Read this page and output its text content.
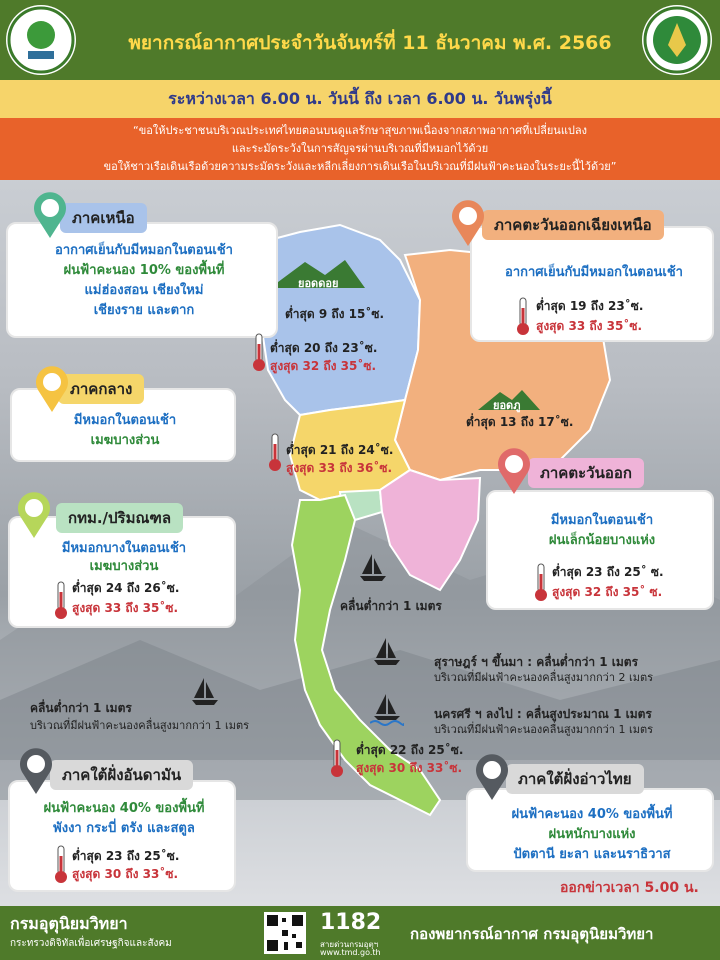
พยากรณ์อากาศประจำวันจันทร์ที่ 11 ธันวาคม พ.ศ. 2566
ระหว่างเวลา 6.00 น. วันนี้ ถึง เวลา 6.00 น. วันพรุ่งนี้
“ขอให้ประชาชนบริเวณประเทศไทยตอนบนดูแลรักษาสุขภาพเนื่องจากสภาพอากาศที่เปลี่ยนแปลง
และระมัดระวังในการสัญจรผ่านบริเวณที่มีหมอกไว้ด้วย
ขอให้ชาวเรือเดินเรือด้วยความระมัดระวังและหลีกเลี่ยงการเดินเรือในบริเวณที่มีฝนฟ้าคะนองในระยะนี้ไว้ด้วย”
ยอดดอย
ต่ำสุด 9 ถึง 15˚ซ.
ยอดภู
ต่ำสุด 13 ถึง 17˚ซ.
อากาศเย็นกับมีหมอกในตอนเช้า
ฝนฟ้าคะนอง 10% ของพื้นที่
แม่ฮ่องสอน เชียงใหม่
เชียงราย และตาก
ภาคเหนือ
ต่ำสุด 20 ถึง 23˚ซ.
สูงสุด 32 ถึง 35˚ซ.
อากาศเย็นกับมีหมอกในตอนเช้า
ต่ำสุด 19 ถึง 23˚ซ.
สูงสุด 33 ถึง 35˚ซ.
ภาคตะวันออกเฉียงเหนือ
มีหมอกในตอนเช้า
เมฆบางส่วน
ภาคกลาง
ต่ำสุด 21 ถึง 24˚ซ.
สูงสุด 33 ถึง 36˚ซ.
มีหมอกในตอนเช้า
ฝนเล็กน้อยบางแห่ง
ต่ำสุด 23 ถึง 25˚ ซ.
สูงสุด 32 ถึง 35˚ ซ.
ภาคตะวันออก
มีหมอกบางในตอนเช้า
เมฆบางส่วน
ต่ำสุด 24 ถึง 26˚ซ.
สูงสุด 33 ถึง 35˚ซ.
กทม./ปริมณฑล
คลื่นต่ำกว่า 1 เมตร
สุราษฎร์ ฯ ขึ้นมา : คลื่นต่ำกว่า 1 เมตร
บริเวณที่มีฝนฟ้าคะนองคลื่นสูงมากกว่า 2 เมตร
นครศรี ฯ ลงไป : คลื่นสูงประมาณ 1 เมตร
บริเวณที่มีฝนฟ้าคะนองคลื่นสูงมากกว่า 1 เมตร
คลื่นต่ำกว่า 1 เมตร
บริเวณที่มีฝนฟ้าคะนองคลื่นสูงมากกว่า 1 เมตร
ต่ำสุด 22 ถึง 25˚ซ.
สูงสุด 30 ถึง 33˚ซ.
ฝนฟ้าคะนอง 40% ของพื้นที่
พังงา กระบี่ ตรัง และสตูล
ต่ำสุด 23 ถึง 25˚ซ.
สูงสุด 30 ถึง 33˚ซ.
ภาคใต้ฝั่งอันดามัน
ฝนฟ้าคะนอง 40% ของพื้นที่
ฝนหนักบางแห่ง
ปัตตานี ยะลา และนราธิวาส
ภาคใต้ฝั่งอ่าวไทย
ออกข่าวเวลา 5.00 น.
กรมอุตุนิยมวิทยา
กระทรวงดิจิทัลเพื่อเศรษฐกิจและสังคม
1182
สายด่วนกรมอุตุฯ
www.tmd.go.th
กองพยากรณ์อากาศ กรมอุตุนิยมวิทยา
